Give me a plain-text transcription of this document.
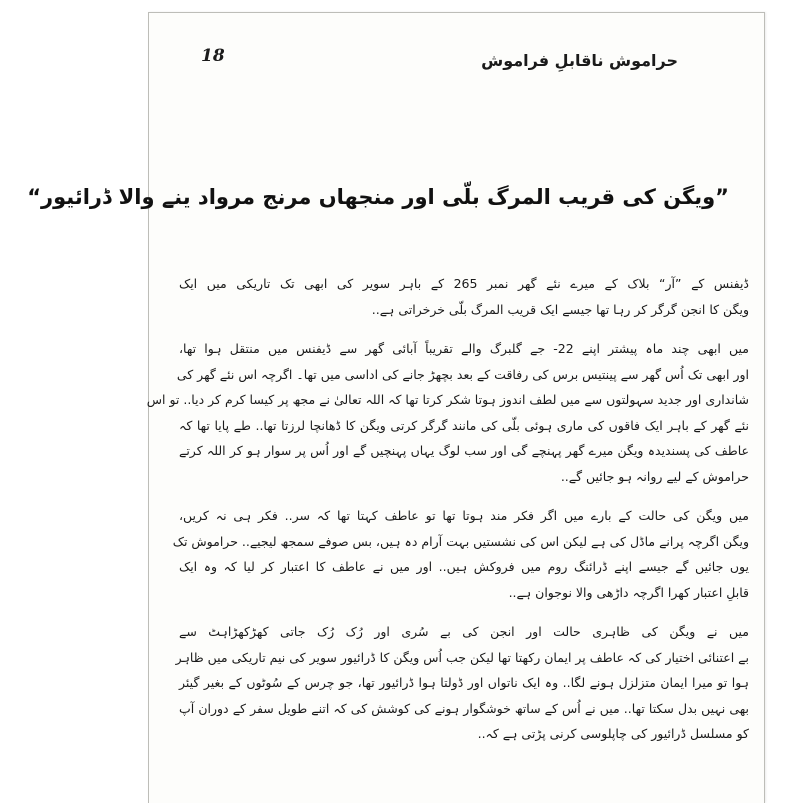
18	حراموش ناقابلِ فراموش
”ویگن کی قریب المرگ بلّی اور منجھاں مرنج مرواد ینے والا ڈرائیور“
ڈیفنس کے ”آر“ بلاک کے میرے نئے گھر نمبر 265 کے باہر سویر کی ابھی تک تاریکی میں ایک
ویگن کا انجن گرگر کر رہا تھا جیسے ایک قریب المرگ بلّی خرخراتی ہے..
میں ابھی چند ماہ پیشتر اپنے 22- جے گلبرگ والے تقریباً آبائی گھر سے ڈیفنس میں منتقل ہوا تھا،
اور ابھی تک اُس گھر سے پینتیس برس کی رفاقت کے بعد بچھڑ جانے کی اداسی میں تھا۔ اگرچہ اس نئے گھر کی
شانداری اور جدید سہولتوں سے میں لطف اندوز ہوتا شکر کرتا تھا کہ اللہ تعالیٰ نے مجھ پر کیسا کرم کر دیا.. تو اس
نئے گھر کے باہر ایک فاقوں کی ماری ہوئی بلّی کی مانند گرگر کرتی ویگن کا ڈھانچا لرزتا تھا.. طے پایا تھا کہ
عاطف کی پسندیدہ ویگن میرے گھر پہنچے گی اور سب لوگ یہاں پہنچیں گے اور اُس پر سوار ہو کر اللہ کرتے
حراموش کے لیے روانہ ہو جائیں گے..
میں ویگن کی حالت کے بارے میں اگر فکر مند ہوتا تھا تو عاطف کہتا تھا کہ سر.. فکر ہی نہ کریں،
ویگن اگرچہ پرانے ماڈل کی ہے لیکن اس کی نشستیں بہت آرام دہ ہیں، بس صوفے سمجھ لیجیے.. حراموش تک
یوں جائیں گے جیسے اپنے ڈرائنگ روم میں فروکش ہیں.. اور میں نے عاطف کا اعتبار کر لیا کہ وہ ایک
قابلِ اعتبار کھرا اگرچہ داڑھی والا نوجوان ہے..
میں نے ویگن کی ظاہری حالت اور انجن کی بے سُری اور رُک رُک جاتی کھڑکھڑاہٹ سے
بے اعتنائی اختیار کی کہ عاطف پر ایمان رکھتا تھا لیکن جب اُس ویگن کا ڈرائیور سویر کی نیم تاریکی میں ظاہر
ہوا تو میرا ایمان متزلزل ہونے لگا.. وہ ایک ناتواں اور ڈولتا ہوا ڈرائیور تھا، جو چرس کے سُوٹوں کے بغیر گیئر
بھی نہیں بدل سکتا تھا.. میں نے اُس کے ساتھ خوشگوار ہونے کی کوشش کی کہ اتنے طویل سفر کے دوران آپ
کو مسلسل ڈرائیور کی چاپلوسی کرنی پڑتی ہے کہ..
